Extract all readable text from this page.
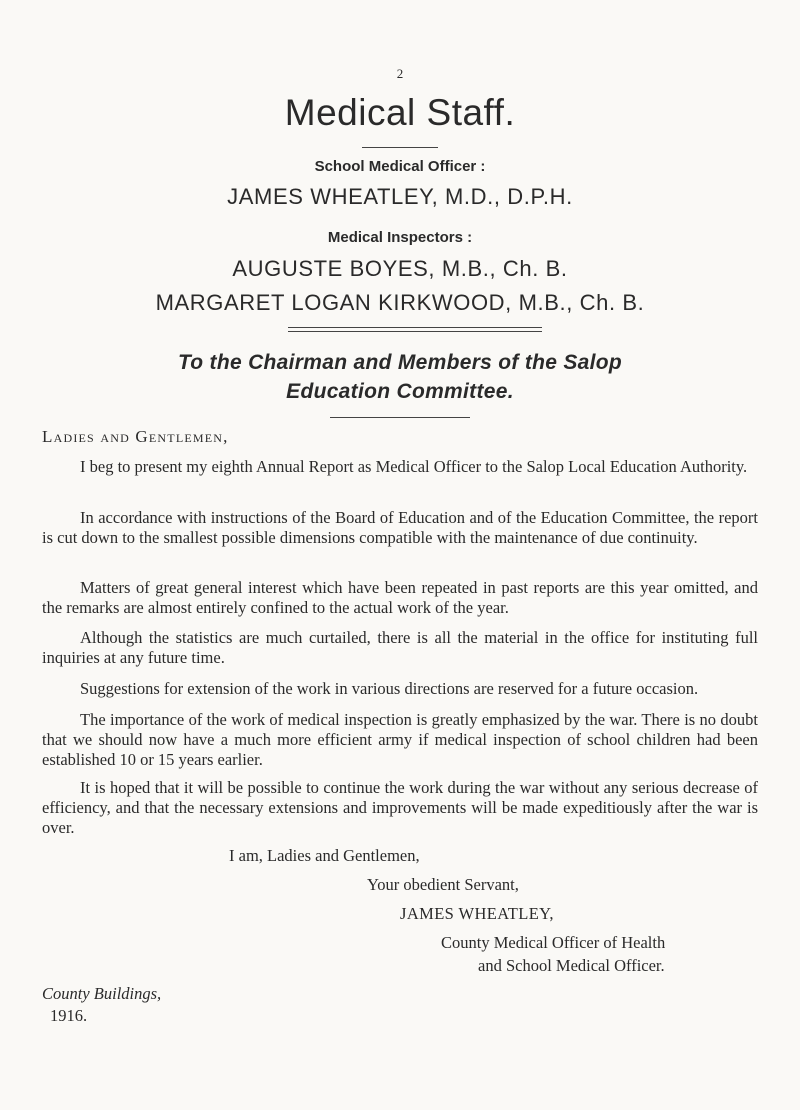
2
Medical Staff.
School Medical Officer :
JAMES WHEATLEY, M.D., D.P.H.
Medical Inspectors :
AUGUSTE BOYES, M.B., Ch. B.
MARGARET LOGAN KIRKWOOD, M.B., Ch. B.
To the Chairman and Members of the Salop
Education Committee.
Ladies and Gentlemen,
I beg to present my eighth Annual Report as Medical Officer to the Salop Local Education Authority.
In accordance with instructions of the Board of Education and of the Education Committee, the report is cut down to the smallest possible dimensions compatible with the maintenance of due continuity.
Matters of great general interest which have been repeated in past reports are this year omitted, and the remarks are almost entirely confined to the actual work of the year.
Although the statistics are much curtailed, there is all the material in the office for instituting full inquiries at any future time.
Suggestions for extension of the work in various directions are reserved for a future occasion.
The importance of the work of medical inspection is greatly emphasized by the war. There is no doubt that we should now have a much more efficient army if medical inspection of school children had been established 10 or 15 years earlier.
It is hoped that it will be possible to continue the work during the war without any serious decrease of efficiency, and that the necessary extensions and improvements will be made expeditiously after the war is over.
I am, Ladies and Gentlemen,
Your obedient Servant,
JAMES WHEATLEY,
County Medical Officer of Health
and School Medical Officer.
County Buildings,
1916.
